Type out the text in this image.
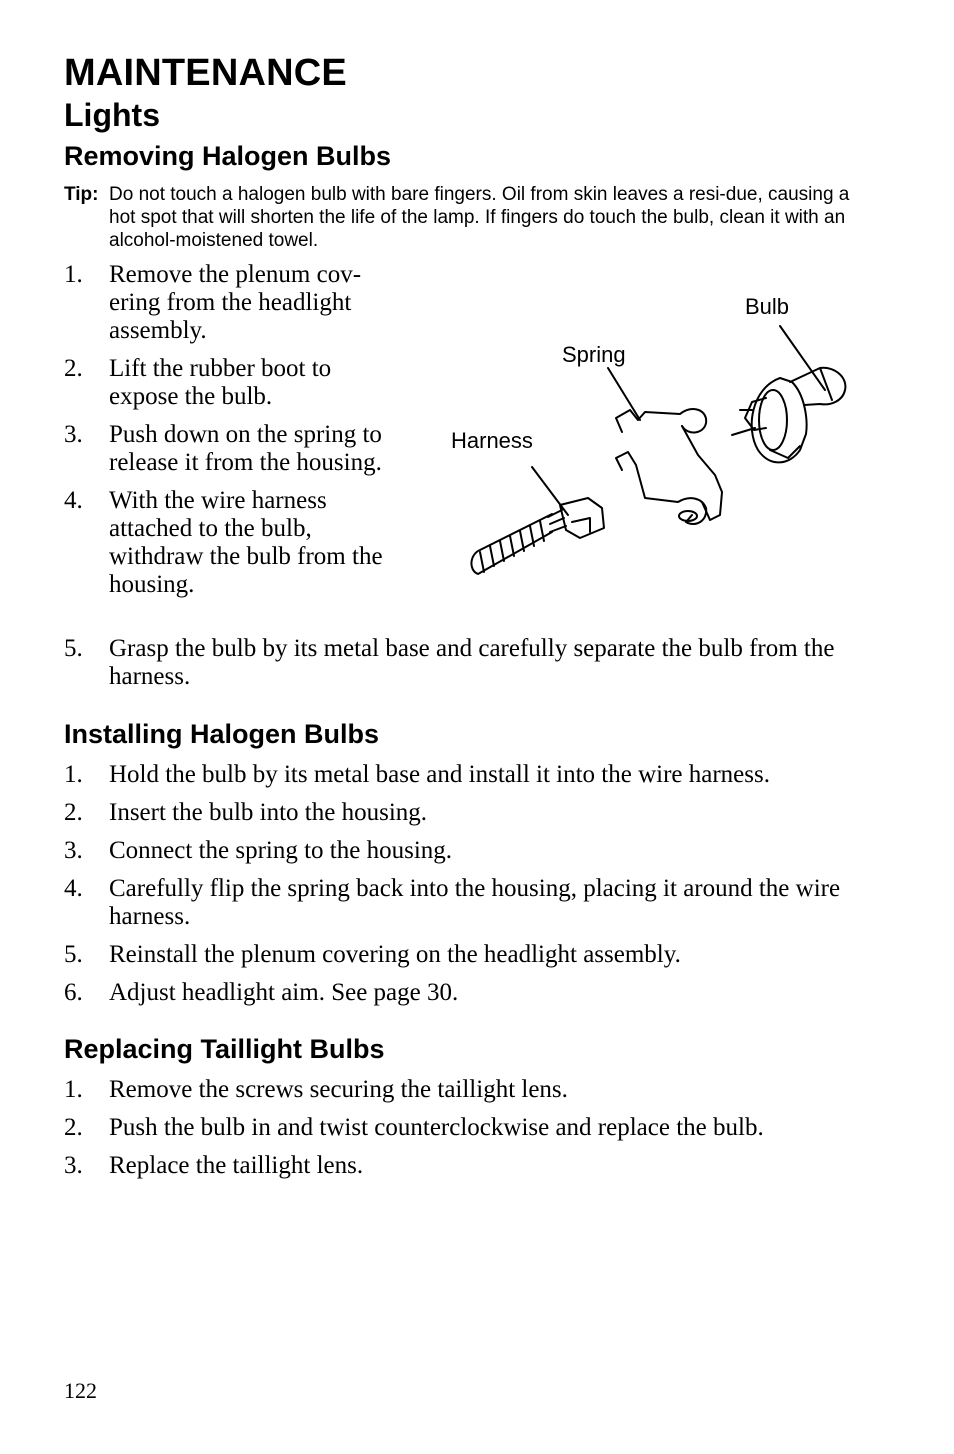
MAINTENANCE
Lights
Removing Halogen Bulbs
Tip: Do not touch a halogen bulb with bare fingers. Oil from skin leaves a resi-due, causing a hot spot that will shorten the life of the lamp. If fingers do touch the bulb, clean it with an alcohol-moistened towel.
1. Remove the plenum cov-ering from the headlight assembly.
2. Lift the rubber boot to expose the bulb.
3. Push down on the spring to release it from the housing.
4. With the wire harness attached to the bulb, withdraw the bulb from the housing.
5. Grasp the bulb by its metal base and carefully separate the bulb from the harness.
Bulb
Spring
Harness
Installing Halogen Bulbs
1. Hold the bulb by its metal base and install it into the wire harness.
2. Insert the bulb into the housing.
3. Connect the spring to the housing.
4. Carefully flip the spring back into the housing, placing it around the wire harness.
5. Reinstall the plenum covering on the headlight assembly.
6. Adjust headlight aim. See page 30.
Replacing Taillight Bulbs
1. Remove the screws securing the taillight lens.
2. Push the bulb in and twist counterclockwise and replace the bulb.
3. Replace the taillight lens.
122
